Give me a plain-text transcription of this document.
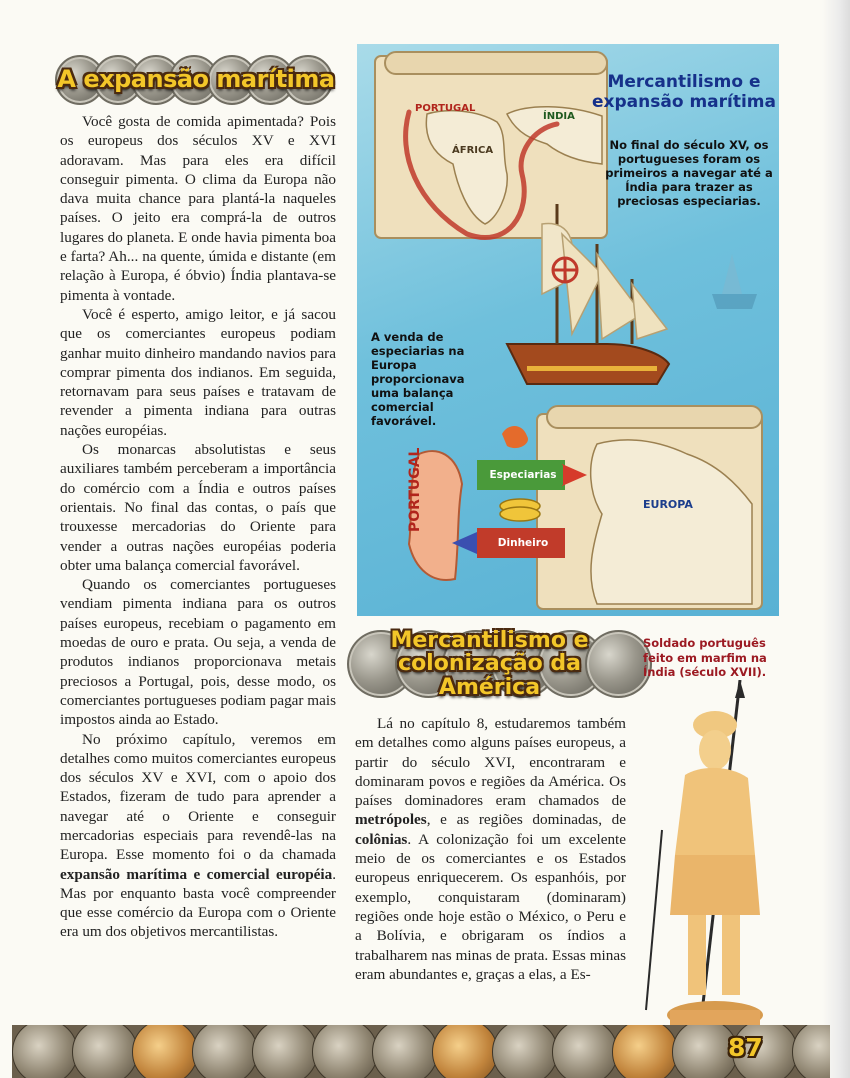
A expansão marítima

Você gosta de comida apimentada? Pois os europeus dos séculos XV e XVI adoravam. Mas para eles era difícil conseguir pimenta. O clima da Europa não dava muita chance para plantá-la naqueles países. O jeito era comprá-la de outros lugares do planeta. E onde havia pimenta boa e farta? Ah... na quente, úmida e distante (em relação à Europa, é óbvio) Índia plantava-se pimenta à vontade.

Você é esperto, amigo leitor, e já sacou que os comerciantes europeus podiam ganhar muito dinheiro mandando navios para comprar pimenta dos indianos. Em seguida, retornavam para seus países e tratavam de revender a pimenta indiana para outras nações européias.

Os monarcas absolutistas e seus auxiliares também perceberam a importância do comércio com a Índia e outros países orientais. No final das contas, o país que trouxesse mercadorias do Oriente para vender a outras nações européias poderia obter uma balança comercial favorável.

Quando os comerciantes portugueses vendiam pimenta indiana para os outros países europeus, recebiam o pagamento em moedas de ouro e prata. Ou seja, a venda de produtos indianos proporcionava metais preciosos a Portugal, pois, desse modo, os comerciantes portugueses podiam pagar mais impostos ainda ao Estado.

No próximo capítulo, veremos em detalhes como muitos comerciantes europeus dos séculos XV e XVI, com o apoio dos Estados, fizeram de tudo para aprender a navegar até o Oriente e conseguir mercadorias especiais para revendê-las na Europa. Esse momento foi o da chamada expansão marítima e comercial européia. Mas por enquanto basta você compreender que esse comércio da Europa com o Oriente era um dos objetivos mercantilistas.

Mercantilismo e expansão marítima
No final do século XV, os portugueses foram os primeiros a navegar até a Índia para trazer as preciosas especiarias.
A venda de especiarias na Europa proporcionava uma balança comercial favorável.
PORTUGAL
ÍNDIA
ÁFRICA
EUROPA
PORTUGAL	Especiarias
Dinheiro
Mercantilismo e
colonização da América

Lá no capítulo 8, estudaremos também em detalhes como alguns países europeus, a partir do século XVI, encontraram e dominaram povos e regiões da América. Os países dominadores eram chamados de metrópoles, e as regiões dominadas, de colônias. A colonização foi um excelente meio de os comerciantes e os Estados europeus enriquecerem. Os espanhóis, por exemplo, conquistaram (dominaram) regiões onde hoje estão o México, o Peru e a Bolívia, e obrigaram os índios a trabalharem nas minas de prata. Essas minas eram abundantes e, graças a elas, a Es-

Soldado português feito em marfim na Índia (século XVII).
87
